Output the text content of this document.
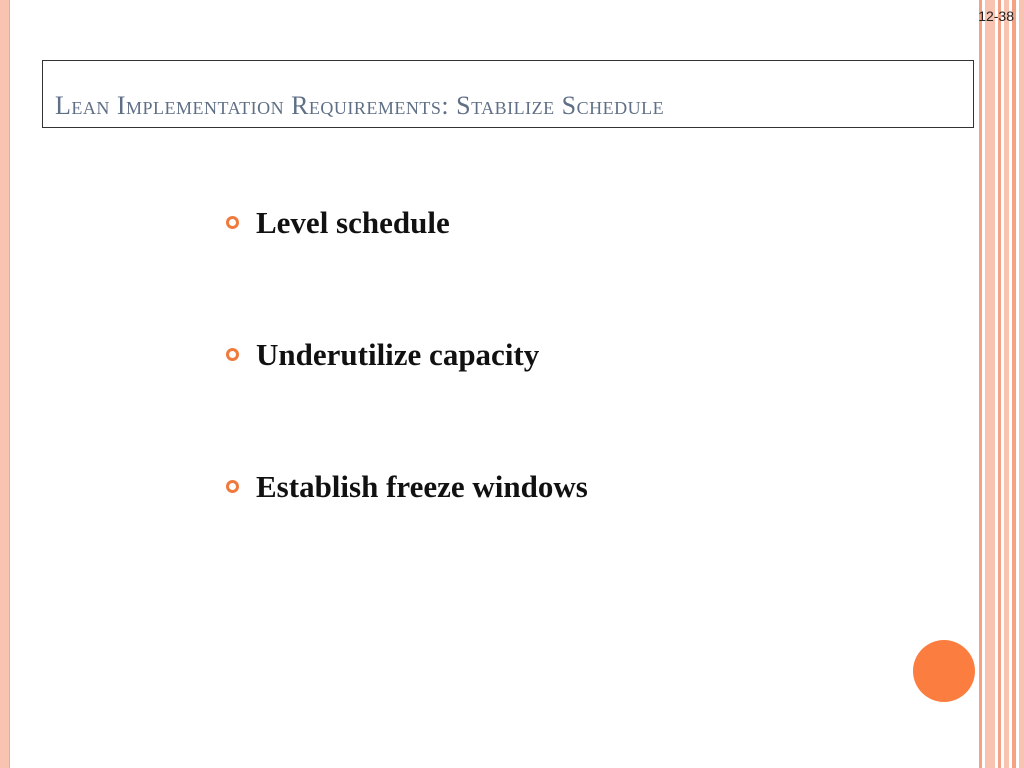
12-38
Lean Implementation Requirements: Stabilize Schedule
Level schedule
Underutilize capacity
Establish freeze windows
